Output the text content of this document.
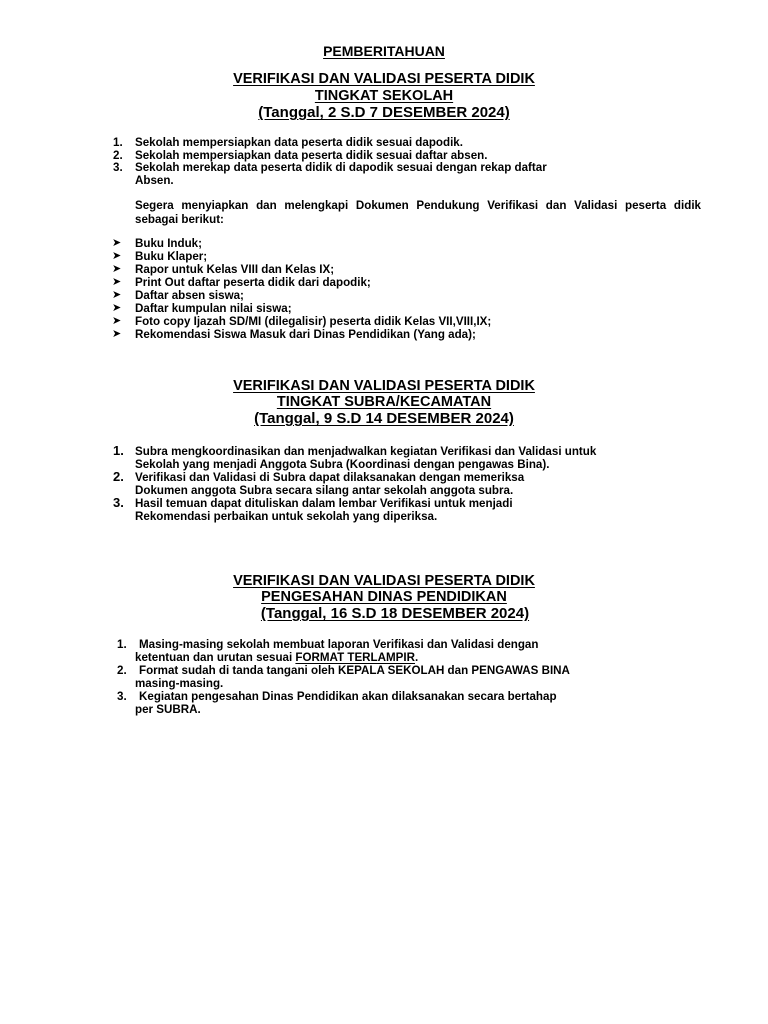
PEMBERITAHUAN
VERIFIKASI DAN VALIDASI PESERTA DIDIK
TINGKAT SEKOLAH
(Tanggal, 2 S.D 7 DESEMBER 2024)
1. Sekolah mempersiapkan data peserta didik sesuai dapodik.
2. Sekolah mempersiapkan data peserta didik sesuai daftar absen.
3. Sekolah merekap data peserta didik di dapodik sesuai dengan rekap daftar
Absen.
Segera menyiapkan dan melengkapi Dokumen Pendukung Verifikasi dan Validasi peserta didik sebagai berikut:
➤ Buku Induk;
➤ Buku Klaper;
➤ Rapor untuk Kelas VIII dan Kelas IX;
➤ Print Out daftar peserta didik dari dapodik;
➤ Daftar absen siswa;
➤ Daftar kumpulan nilai siswa;
➤ Foto copy Ijazah SD/MI (dilegalisir) peserta didik Kelas VII,VIII,IX;
➤ Rekomendasi Siswa Masuk dari Dinas Pendidikan (Yang ada);
VERIFIKASI DAN VALIDASI PESERTA DIDIK
TINGKAT SUBRA/KECAMATAN
(Tanggal, 9 S.D 14 DESEMBER 2024)
1. Subra mengkoordinasikan dan menjadwalkan kegiatan Verifikasi dan Validasi untuk
Sekolah yang menjadi Anggota Subra (Koordinasi dengan pengawas Bina).
2. Verifikasi dan Validasi di Subra dapat dilaksanakan dengan memeriksa
Dokumen anggota Subra secara silang antar sekolah anggota subra.
3. Hasil temuan dapat dituliskan dalam lembar Verifikasi untuk menjadi
Rekomendasi perbaikan untuk sekolah yang diperiksa.
VERIFIKASI DAN VALIDASI PESERTA DIDIK
PENGESAHAN DINAS PENDIDIKAN
(Tanggal, 16 S.D 18 DESEMBER 2024)
1. Masing-masing sekolah membuat laporan Verifikasi dan Validasi dengan
ketentuan dan urutan sesuai FORMAT TERLAMPIR.
2. Format sudah di tanda tangani oleh KEPALA SEKOLAH dan PENGAWAS BINA
masing-masing.
3. Kegiatan pengesahan Dinas Pendidikan akan dilaksanakan secara bertahap
per SUBRA.
